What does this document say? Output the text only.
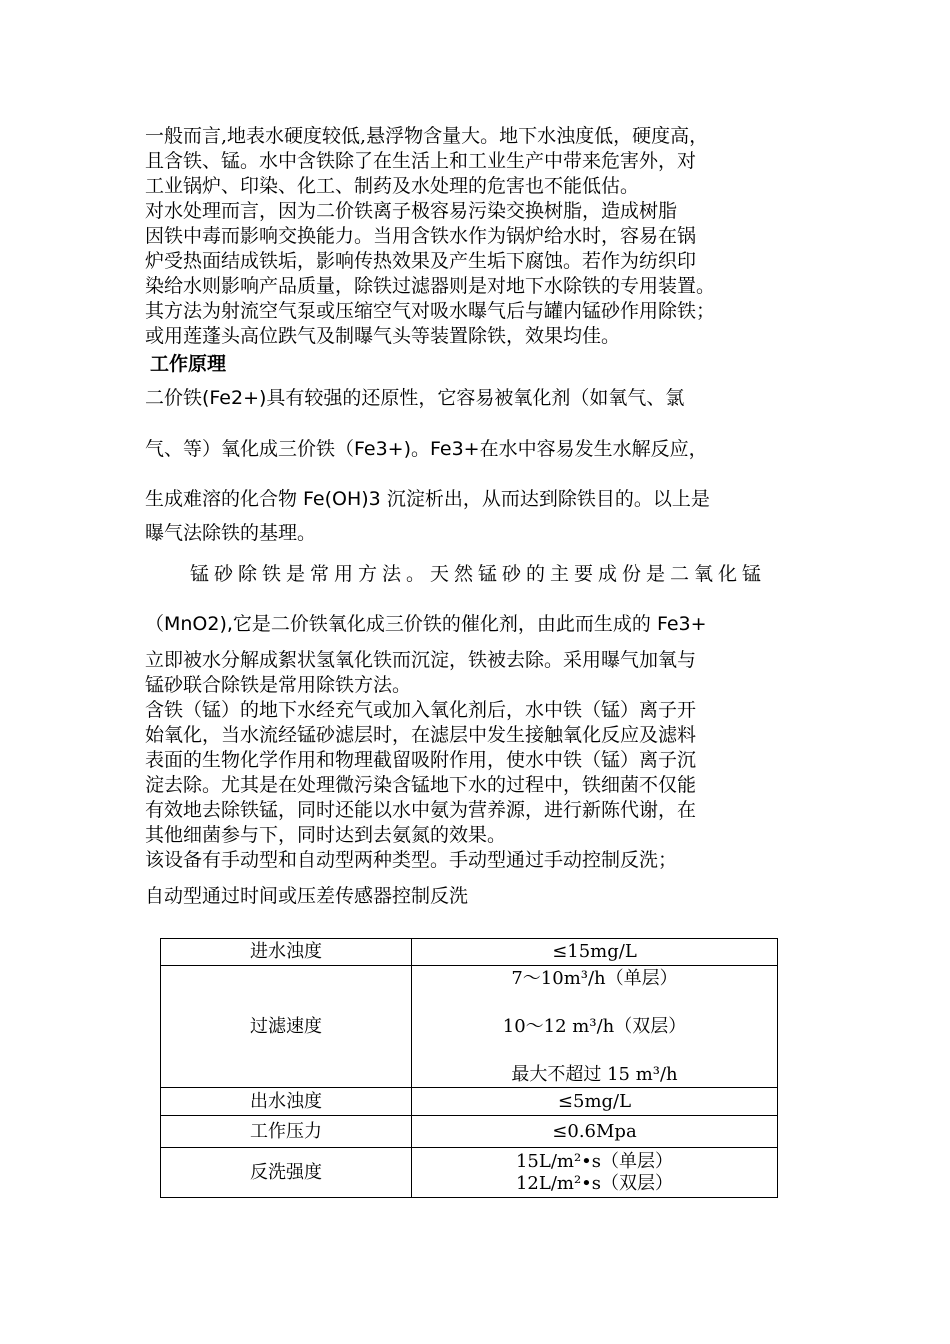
一般而言,地表水硬度较低,悬浮物含量大。地下水浊度低，硬度高，
且含铁、锰。水中含铁除了在生活上和工业生产中带来危害外，对
工业锅炉、印染、化工、制药及水处理的危害也不能低估。
对水处理而言，因为二价铁离子极容易污染交换树脂，造成树脂
因铁中毒而影响交换能力。当用含铁水作为锅炉给水时，容易在锅
炉受热面结成铁垢，影响传热效果及产生垢下腐蚀。若作为纺织印
染给水则影响产品质量，除铁过滤器则是对地下水除铁的专用装置。
其方法为射流空气泵或压缩空气对吸水曝气后与罐内锰砂作用除铁；
或用莲蓬头高位跌气及制曝气头等装置除铁，效果均佳。
工作原理
二价铁(Fe2+)具有较强的还原性，它容易被氧化剂（如氧气、氯
气、等）氧化成三价铁（Fe3+)。Fe3+在水中容易发生水解反应，
生成难溶的化合物 Fe(OH)3 沉淀析出，从而达到除铁目的。以上是
曝气法除铁的基理。
锰砂除铁是常用方法。天然锰砂的主要成份是二氧化锰
（MnO2),它是二价铁氧化成三价铁的催化剂，由此而生成的 Fe3+
立即被水分解成絮状氢氧化铁而沉淀，铁被去除。采用曝气加氧与
锰砂联合除铁是常用除铁方法。
含铁（锰）的地下水经充气或加入氧化剂后，水中铁（锰）离子开
始氧化，当水流经锰砂滤层时，在滤层中发生接触氧化反应及滤料
表面的生物化学作用和物理截留吸附作用，使水中铁（锰）离子沉
淀去除。尤其是在处理微污染含锰地下水的过程中，铁细菌不仅能
有效地去除铁锰，同时还能以水中氨为营养源，进行新陈代谢，在
其他细菌参与下，同时达到去氨氮的效果。
该设备有手动型和自动型两种类型。手动型通过手动控制反洗；
自动型通过时间或压差传感器控制反洗
进水浊度	≤15mg/L
过滤速度	7～10m³/h（单层）
10～12 m³/h（双层）
最大不超过 15 m³/h

出水浊度	≤5mg/L
工作压力	≤0.6Mpa
反洗强度	15L/m²•s（单层）
12L/m²•s（双层）
